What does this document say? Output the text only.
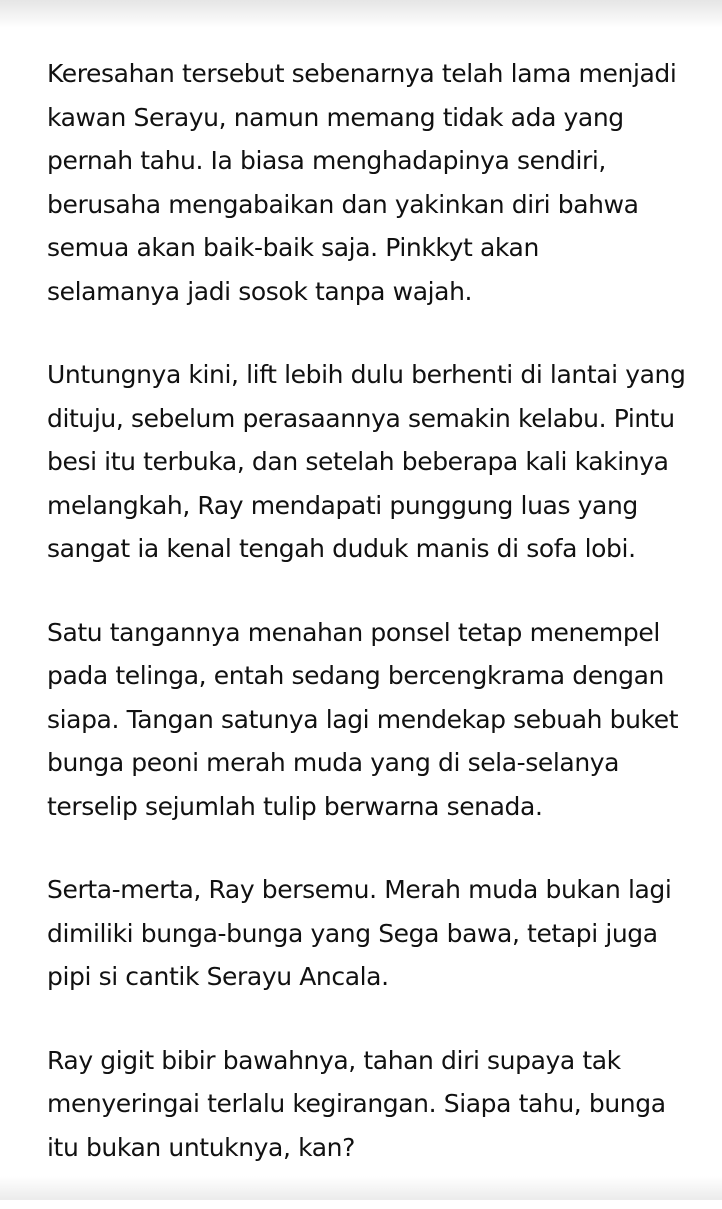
Keresahan tersebut sebenarnya telah lama menjadi
kawan Serayu, namun memang tidak ada yang
pernah tahu. Ia biasa menghadapinya sendiri,
berusaha mengabaikan dan yakinkan diri bahwa
semua akan baik-baik saja. Pinkkyt akan
selamanya jadi sosok tanpa wajah.

Untungnya kini, lift lebih dulu berhenti di lantai yang
dituju, sebelum perasaannya semakin kelabu. Pintu
besi itu terbuka, dan setelah beberapa kali kakinya
melangkah, Ray mendapati punggung luas yang
sangat ia kenal tengah duduk manis di sofa lobi.

Satu tangannya menahan ponsel tetap menempel
pada telinga, entah sedang bercengkrama dengan
siapa. Tangan satunya lagi mendekap sebuah buket
bunga peoni merah muda yang di sela-selanya
terselip sejumlah tulip berwarna senada.

Serta-merta, Ray bersemu. Merah muda bukan lagi
dimiliki bunga-bunga yang Sega bawa, tetapi juga
pipi si cantik Serayu Ancala.

Ray gigit bibir bawahnya, tahan diri supaya tak
menyeringai terlalu kegirangan. Siapa tahu, bunga
itu bukan untuknya, kan?
